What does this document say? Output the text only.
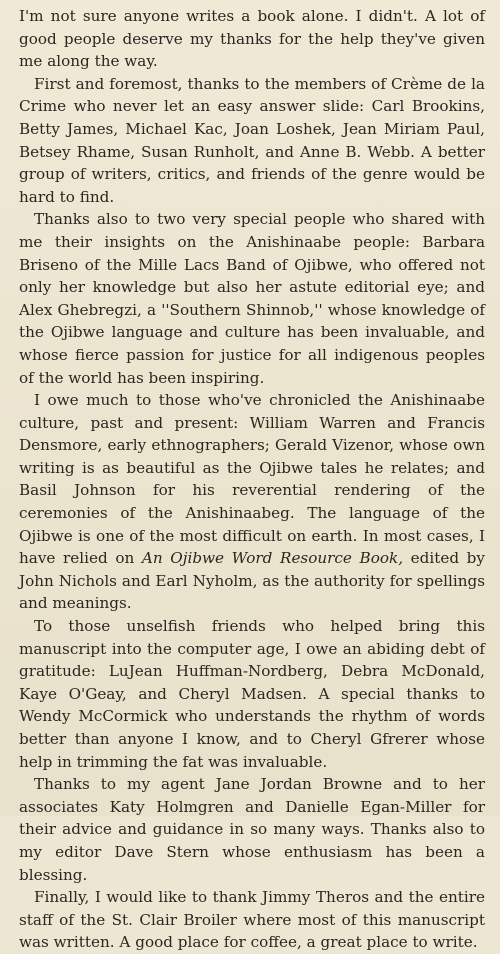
I'm not sure anyone writes a book alone. I didn't. A lot of good people deserve my thanks for the help they've given me along the way.

First and foremost, thanks to the members of Crème de la Crime who never let an easy answer slide: Carl Brookins, Betty James, Michael Kac, Joan Loshek, Jean Miriam Paul, Betsey Rhame, Susan Runholt, and Anne B. Webb. A better group of writers, critics, and friends of the genre would be hard to find.

Thanks also to two very special people who shared with me their insights on the Anishinaabe people: Barbara Briseno of the Mille Lacs Band of Ojibwe, who offered not only her knowledge but also her astute editorial eye; and Alex Ghebregzi, a ''Southern Shinnob,'' whose knowledge of the Ojibwe language and culture has been invaluable, and whose fierce passion for justice for all indigenous peoples of the world has been inspiring.

I owe much to those who've chronicled the Anishinaabe culture, past and present: William Warren and Francis Densmore, early ethnographers; Gerald Vizenor, whose own writing is as beautiful as the Ojibwe tales he relates; and Basil Johnson for his reverential rendering of the ceremonies of the Anishinaabeg. The language of the Ojibwe is one of the most difficult on earth. In most cases, I have relied on An Ojibwe Word Resource Book, edited by John Nichols and Earl Nyholm, as the authority for spellings and meanings.

To those unselfish friends who helped bring this manuscript into the computer age, I owe an abiding debt of gratitude: LuJean Huffman-Nordberg, Debra McDonald, Kaye O'Geay, and Cheryl Madsen. A special thanks to Wendy McCormick who understands the rhythm of words better than anyone I know, and to Cheryl Gfrerer whose help in trimming the fat was invaluable.

Thanks to my agent Jane Jordan Browne and to her associates Katy Holmgren and Danielle Egan-Miller for their advice and guidance in so many ways. Thanks also to my editor Dave Stern whose enthusiasm has been a blessing.

Finally, I would like to thank Jimmy Theros and the entire staff of the St. Clair Broiler where most of this manuscript was written. A good place for coffee, a great place to write.
